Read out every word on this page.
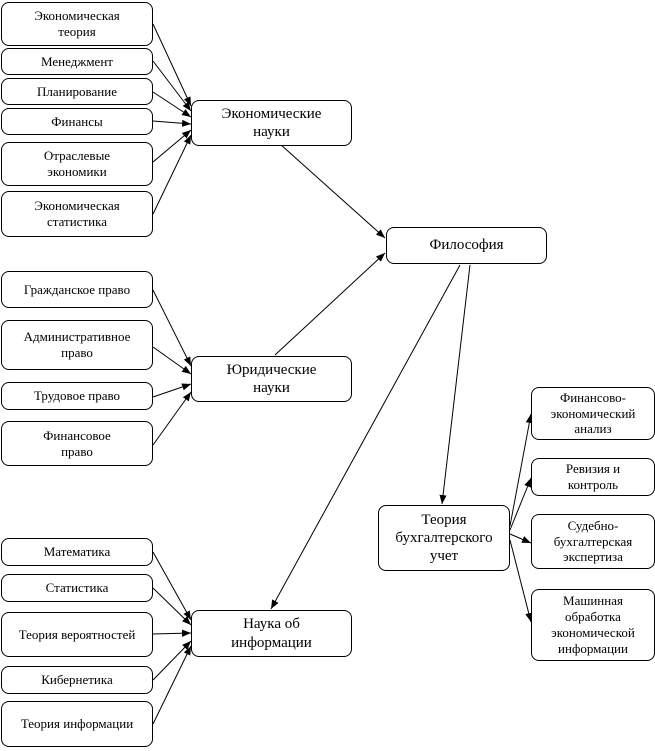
Экономическая
теория
Менеджмент
Планирование
Финансы
Отраслевые
экономики
Экономическая
статистика
Экономические
науки
Философия
Гражданское право
Административное
право
Трудовое право
Финансовое
право
Юридические
науки
Математика
Статистика
Теория вероятностей
Кибернетика
Теория информации
Наука об
информации
Теория
бухгалтерского
учет
Финансово-
экономический
анализ
Ревизия и
контроль
Судебно-
бухгалтерская
экспертиза
Машинная
обработка
экономической
информации
